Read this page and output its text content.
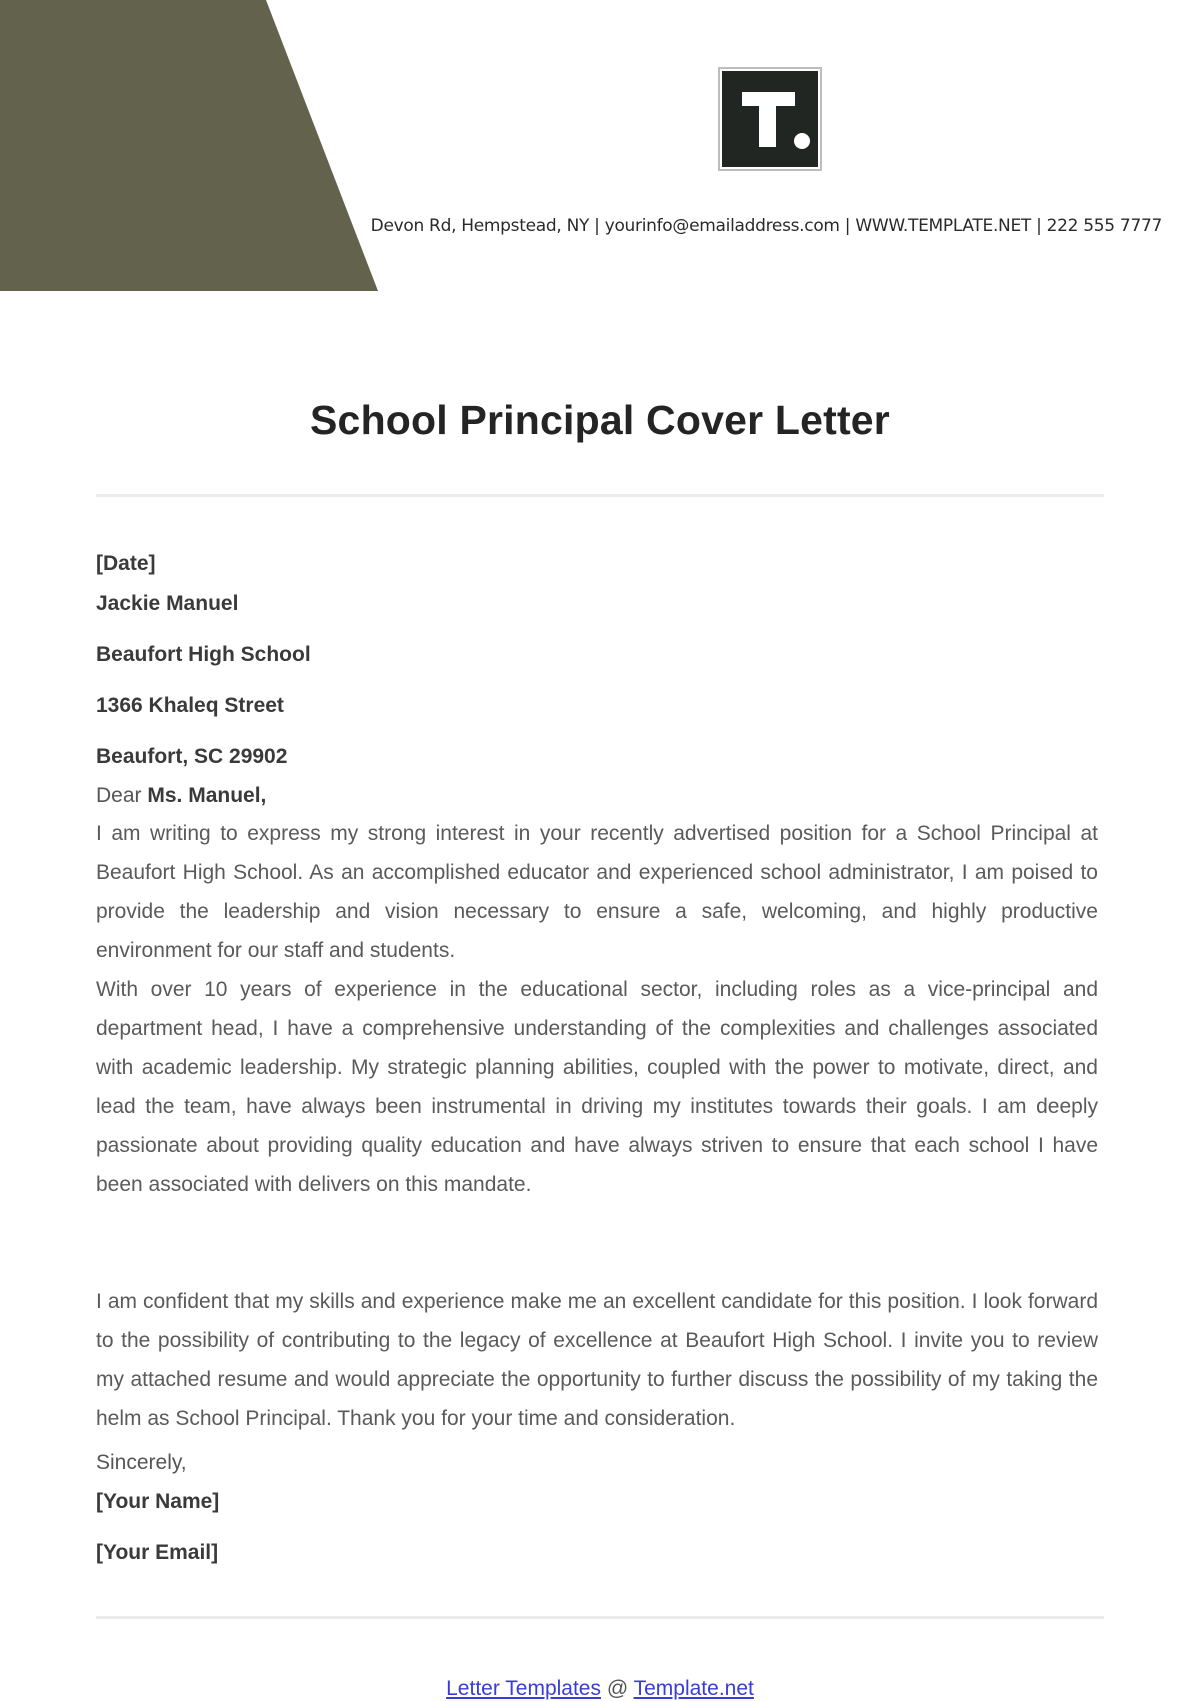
Devon Rd, Hempstead, NY | yourinfo@emailaddress.com | WWW.TEMPLATE.NET | 222 555 7777
School Principal Cover Letter
[Date]
Jackie Manuel
Beaufort High School
1366 Khaleq Street
Beaufort, SC 29902
Dear Ms. Manuel,

I am writing to express my strong interest in your recently advertised position for a School Principal at Beaufort High School. As an accomplished educator and experienced school administrator, I am poised to provide the leadership and vision necessary to ensure a safe, welcoming, and highly productive environment for our staff and students.

With over 10 years of experience in the educational sector, including roles as a vice-principal and department head, I have a comprehensive understanding of the complexities and challenges associated with academic leadership. My strategic planning abilities, coupled with the power to motivate, direct, and lead the team, have always been instrumental in driving my institutes towards their goals. I am deeply passionate about providing quality education and have always striven to ensure that each school I have been associated with delivers on this mandate.

I am confident that my skills and experience make me an excellent candidate for this position. I look forward to the possibility of contributing to the legacy of excellence at Beaufort High School. I invite you to review my attached resume and would appreciate the opportunity to further discuss the possibility of my taking the helm as School Principal. Thank you for your time and consideration.

Sincerely,
[Your Name]
[Your Email]
Letter Templates @ Template.net
